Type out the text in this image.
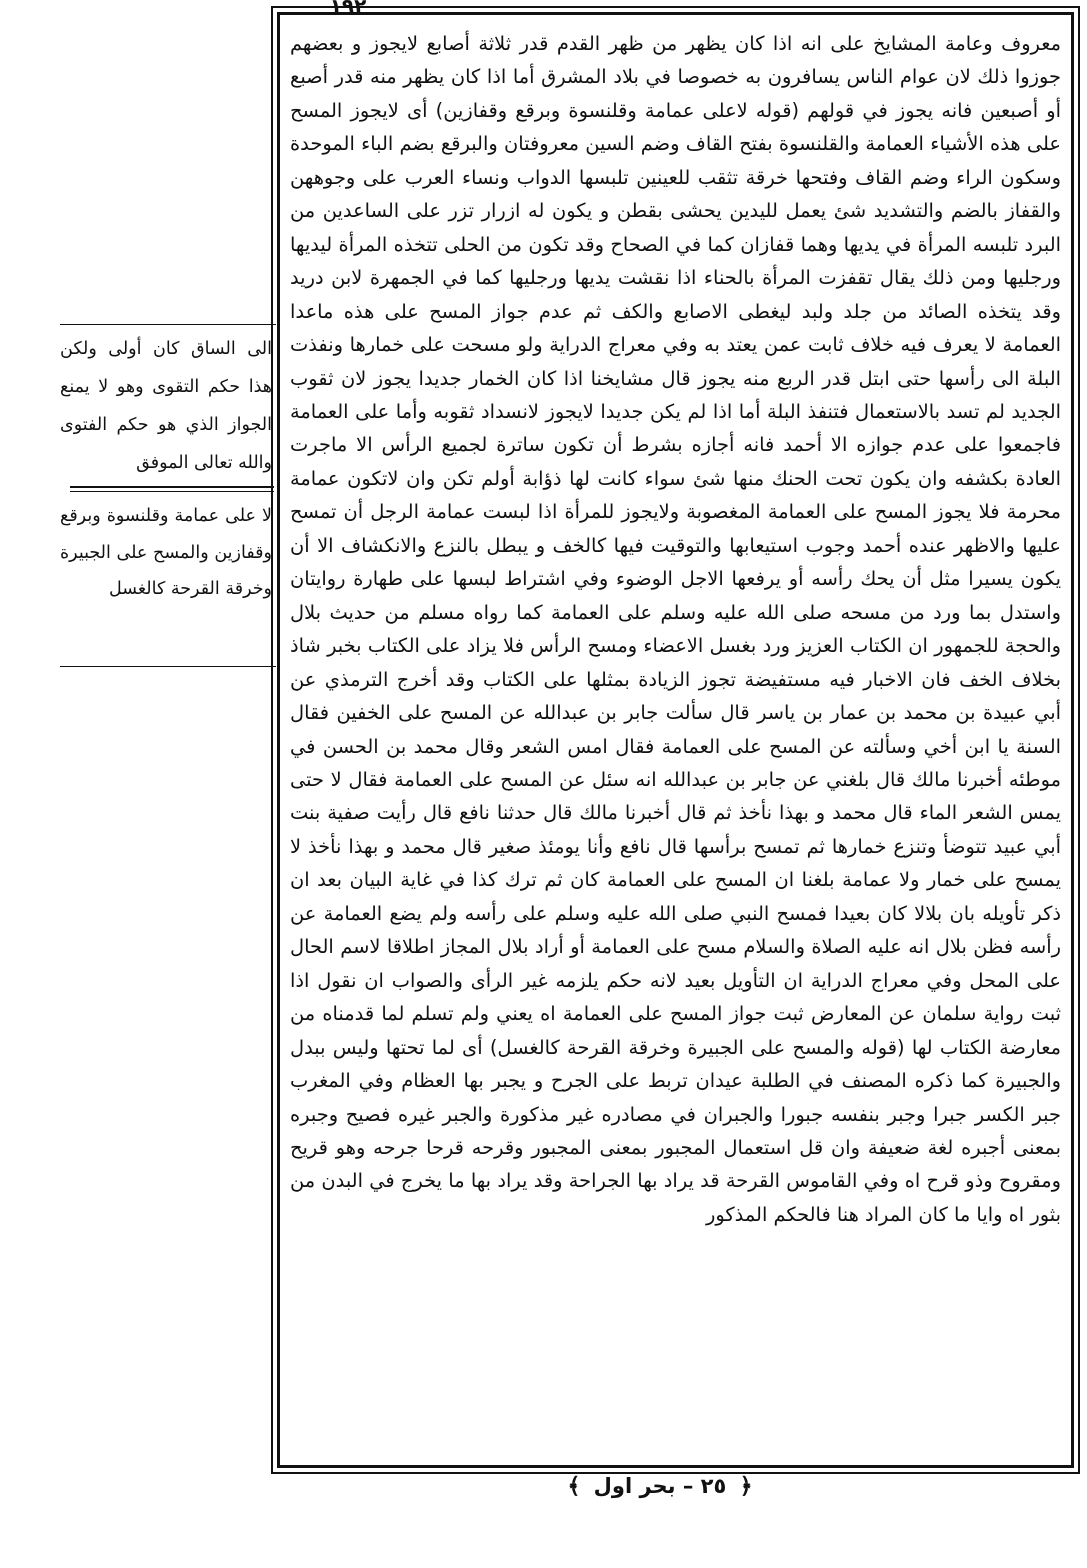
۱۹۲

معروف وعامة المشايخ على انه اذا كان يظهر من ظهر القدم قدر ثلاثة أصابع لايجوز و بعضهم جوزوا ذلك لان عوام الناس يسافرون به خصوصا في بلاد المشرق أما اذا كان يظهر منه قدر أصبع أو أصبعين فانه يجوز في قولهم (قوله لاعلى عمامة وقلنسوة وبرقع وقفازين) أى لايجوز المسح على هذه الأشياء العمامة والقلنسوة بفتح القاف وضم السين معروفتان والبرقع بضم الباء الموحدة وسكون الراء وضم القاف وفتحها خرقة تثقب للعينين تلبسها الدواب ونساء العرب على وجوههن والقفاز بالضم والتشديد شئ يعمل لليدين يحشى بقطن و يكون له ازرار تزر على الساعدين من البرد تلبسه المرأة في يديها وهما قفازان كما في الصحاح وقد تكون من الحلى تتخذه المرأة ليديها ورجليها ومن ذلك يقال تقفزت المرأة بالحناء اذا نقشت يديها ورجليها كما في الجمهرة لابن دريد وقد يتخذه الصائد من جلد ولبد ليغطى الاصابع والكف ثم عدم جواز المسح على هذه ماعدا العمامة لا يعرف فيه خلاف ثابت عمن يعتد به وفي معراج الدراية ولو مسحت على خمارها ونفذت البلة الى رأسها حتى ابتل قدر الربع منه يجوز قال مشايخنا اذا كان الخمار جديدا يجوز لان ثقوب الجديد لم تسد بالاستعمال فتنفذ البلة أما اذا لم يكن جديدا لايجوز لانسداد ثقوبه وأما على العمامة فاجمعوا على عدم جوازه الا أحمد فانه أجازه بشرط أن تكون ساترة لجميع الرأس الا ماجرت العادة بكشفه وان يكون تحت الحنك منها شئ سواء كانت لها ذؤابة أولم تكن وان لاتكون عمامة محرمة فلا يجوز المسح على العمامة المغصوبة ولايجوز للمرأة اذا لبست عمامة الرجل أن تمسح عليها والاظهر عنده أحمد وجوب استيعابها والتوقيت فيها كالخف و يبطل بالنزع والانكشاف الا أن يكون يسيرا مثل أن يحك رأسه أو يرفعها الاجل الوضوء وفي اشتراط لبسها على طهارة روايتان واستدل بما ورد من مسحه صلى الله عليه وسلم على العمامة كما رواه مسلم من حديث بلال والحجة للجمهور ان الكتاب العزيز ورد بغسل الاعضاء ومسح الرأس فلا يزاد على الكتاب بخبر شاذ بخلاف الخف فان الاخبار فيه مستفيضة تجوز الزيادة بمثلها على الكتاب وقد أخرج الترمذي عن أبي عبيدة بن محمد بن عمار بن ياسر قال سألت جابر بن عبدالله عن المسح على الخفين فقال السنة يا ابن أخي وسألته عن المسح على العمامة فقال امس الشعر وقال محمد بن الحسن في موطئه أخبرنا مالك قال بلغني عن جابر بن عبدالله انه سئل عن المسح على العمامة فقال لا حتى يمس الشعر الماء قال محمد و بهذا نأخذ ثم قال أخبرنا مالك قال حدثنا نافع قال رأيت صفية بنت أبي عبيد تتوضأ وتنزع خمارها ثم تمسح برأسها قال نافع وأنا يومئذ صغير قال محمد و بهذا نأخذ لا يمسح على خمار ولا عمامة بلغنا ان المسح على العمامة كان ثم ترك كذا في غاية البيان بعد ان ذكر تأويله بان بلالا كان بعيدا فمسح النبي صلى الله عليه وسلم على رأسه ولم يضع العمامة عن رأسه فظن بلال انه عليه الصلاة والسلام مسح على العمامة أو أراد بلال المجاز اطلاقا لاسم الحال على المحل وفي معراج الدراية ان التأويل بعيد لانه حكم يلزمه غير الرأى والصواب ان نقول اذا ثبت رواية سلمان عن المعارض ثبت جواز المسح على العمامة اه يعني ولم تسلم لما قدمناه من معارضة الكتاب لها (قوله والمسح على الجبيرة وخرقة القرحة كالغسل) أى لما تحتها وليس ببدل والجبيرة كما ذكره المصنف في الطلبة عيدان تربط على الجرح و يجبر بها العظام وفي المغرب جبر الكسر جبرا وجبر بنفسه جبورا والجبران في مصادره غير مذكورة والجبر غيره فصيح وجبره بمعنى أجبره لغة ضعيفة وان قل استعمال المجبور بمعنى المجبور وقرحه قرحا جرحه وهو قريح ومقروح وذو قرح اه وفي القاموس القرحة قد يراد بها الجراحة وقد يراد بها ما يخرج في البدن من بثور اه وايا ما كان المراد هنا فالحكم المذكور

الى الساق كان أولى ولكن هذا حكم التقوى وهو لا يمنع الجواز الذي هو حكم الفتوى والله تعالى الموفق

لا على عمامة وقلنسوة وبرقع وقفازين والمسح على الجبيرة وخرقة القرحة كالغسل

﴿ ٢٥ – بحر اول ﴾
